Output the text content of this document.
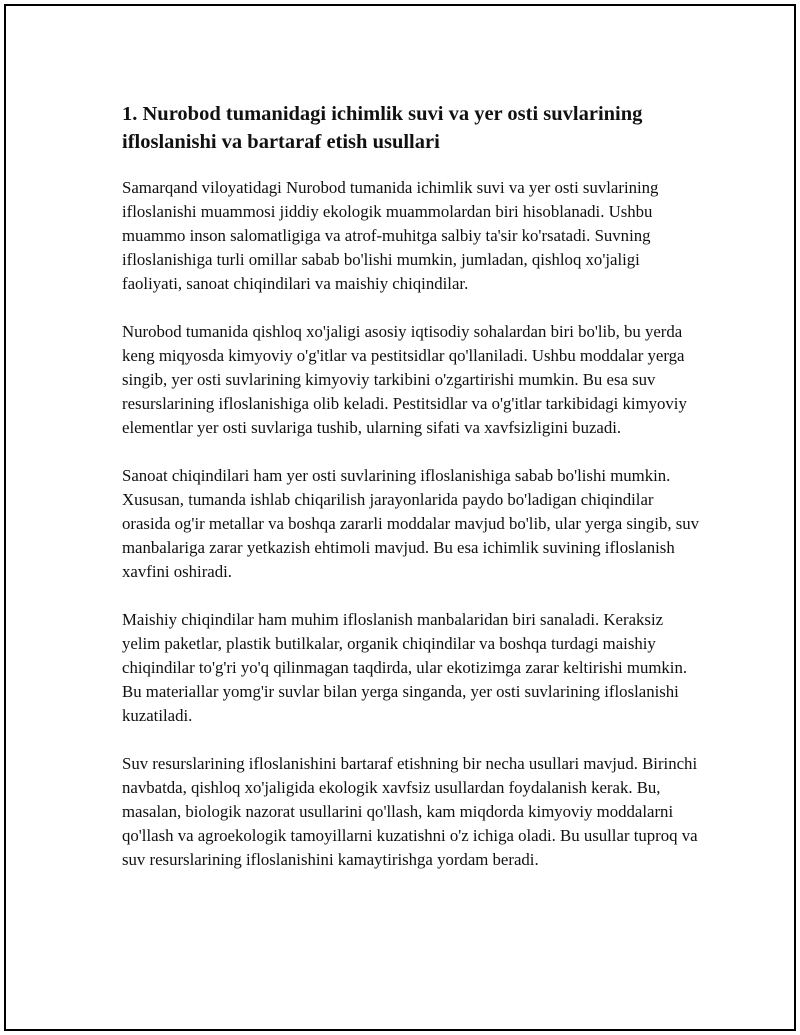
1. Nurobod tumanidagi ichimlik suvi va yer osti suvlarining ifloslanishi va bartaraf etish usullari

Samarqand viloyatidagi Nurobod tumanida ichimlik suvi va yer osti suvlarining ifloslanishi muammosi jiddiy ekologik muammolardan biri hisoblanadi. Ushbu muammo inson salomatligiga va atrof-muhitga salbiy ta'sir ko'rsatadi. Suvning ifloslanishiga turli omillar sabab bo'lishi mumkin, jumladan, qishloq xo'jaligi faoliyati, sanoat chiqindilari va maishiy chiqindilar.

Nurobod tumanida qishloq xo'jaligi asosiy iqtisodiy sohalardan biri bo'lib, bu yerda keng miqyosda kimyoviy o'g'itlar va pestitsidlar qo'llaniladi. Ushbu moddalar yerga singib, yer osti suvlarining kimyoviy tarkibini o'zgartirishi mumkin. Bu esa suv resurslarining ifloslanishiga olib keladi. Pestitsidlar va o'g'itlar tarkibidagi kimyoviy elementlar yer osti suvlariga tushib, ularning sifati va xavfsizligini buzadi.

Sanoat chiqindilari ham yer osti suvlarining ifloslanishiga sabab bo'lishi mumkin. Xususan, tumanda ishlab chiqarilish jarayonlarida paydo bo'ladigan chiqindilar orasida og'ir metallar va boshqa zararli moddalar mavjud bo'lib, ular yerga singib, suv manbalariga zarar yetkazish ehtimoli mavjud. Bu esa ichimlik suvining ifloslanish xavfini oshiradi.

Maishiy chiqindilar ham muhim ifloslanish manbalaridan biri sanaladi. Keraksiz yelim paketlar, plastik butilkalar, organik chiqindilar va boshqa turdagi maishiy chiqindilar to'g'ri yo'q qilinmagan taqdirda, ular ekotizimga zarar keltirishi mumkin. Bu materiallar yomg'ir suvlar bilan yerga singanda, yer osti suvlarining ifloslanishi kuzatiladi.

Suv resurslarining ifloslanishini bartaraf etishning bir necha usullari mavjud. Birinchi navbatda, qishloq xo'jaligida ekologik xavfsiz usullardan foydalanish kerak. Bu, masalan, biologik nazorat usullarini qo'llash, kam miqdorda kimyoviy moddalarni qo'llash va agroekologik tamoyillarni kuzatishni o'z ichiga oladi. Bu usullar tuproq va suv resurslarining ifloslanishini kamaytirishga yordam beradi.
